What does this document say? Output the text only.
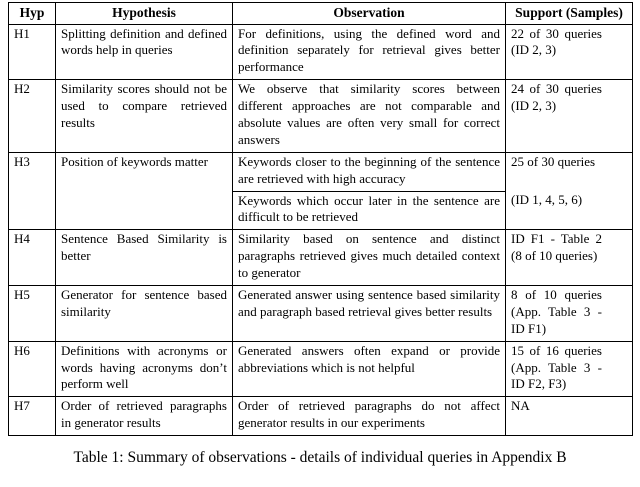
Hyp	Hypothesis	Observation	Support (Samples)
H1	Splitting definition and defined words help in queries	For definitions, using the defined word and definition separately for retrieval gives better performance	22 of 30 queries (ID 2, 3)
H2	Similarity scores should not be used to compare retrieved results	We observe that similarity scores between different approaches are not comparable and absolute values are often very small for correct answers	24 of 30 queries (ID 2, 3)
H3	Position of keywords matter	Keywords closer to the beginning of the sentence are retrieved with high accuracy	25 of 30 queries
		Keywords which occur later in the sentence are difficult to be retrieved	(ID 1, 4, 5, 6)
H4	Sentence Based Similarity is better	Similarity based on sentence and distinct paragraphs retrieved gives much detailed context to generator	ID F1 - Table 2 (8 of 10 queries)
H5	Generator for sentence based similarity	Generated answer using sentence based similarity and paragraph based retrieval gives better results	8 of 10 queries (App. Table 3 - ID F1)
H6	Definitions with acronyms or words having acronyms don’t perform well	Generated answers often expand or provide abbreviations which is not helpful	15 of 16 queries (App. Table 3 - ID F2, F3)
H7	Order of retrieved paragraphs in generator results	Order of retrieved paragraphs do not affect generator results in our experiments	NA
Table 1: Summary of observations - details of individual queries in Appendix B
